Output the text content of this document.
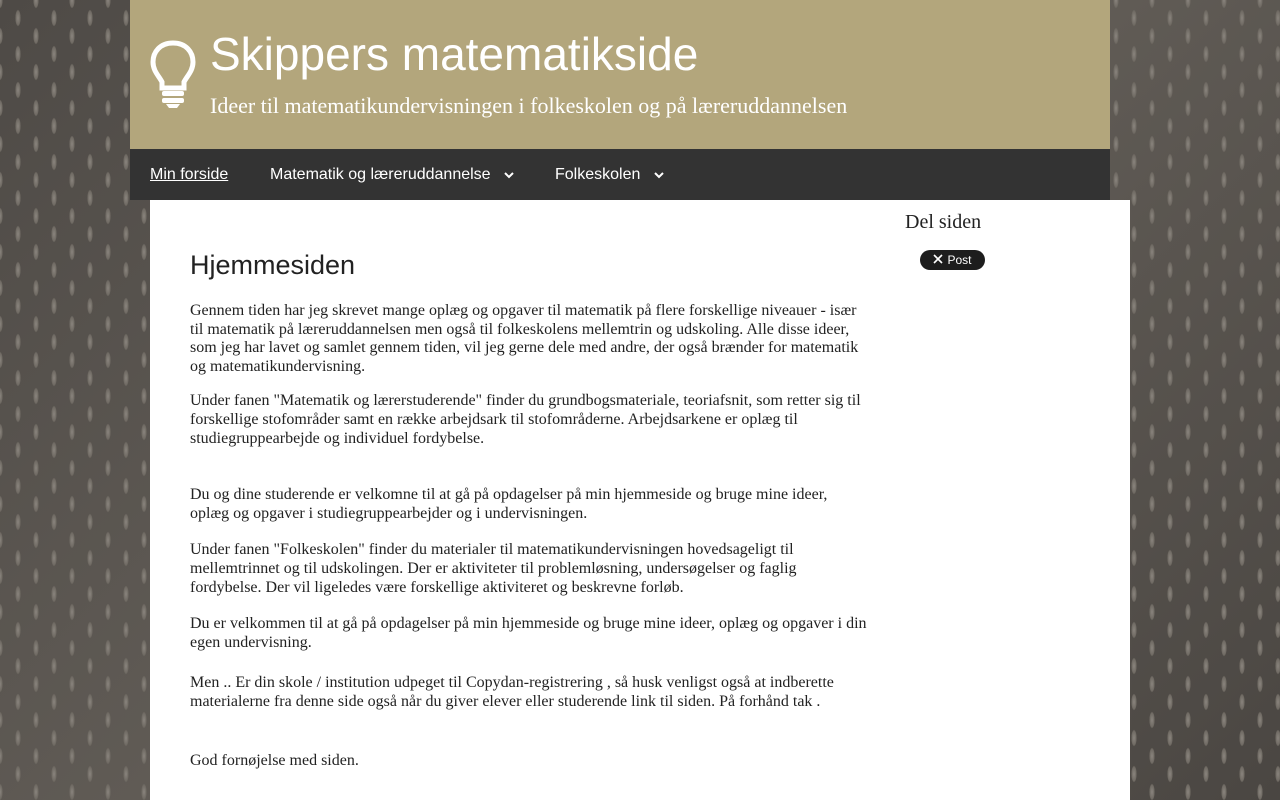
Skippers matematikside
Ideer til matematikundervisningen i folkeskolen og på læreruddannelsen
Min forside	Matematik og læreruddannelse	Folkeskolen
Hjemmesiden

Gennem tiden har jeg skrevet mange oplæg og opgaver til matematik på flere forskellige niveauer - især til matematik på læreruddannelsen men også til folkeskolens mellemtrin og udskoling. Alle disse ideer, som jeg har lavet og samlet gennem tiden, vil jeg gerne dele med andre, der også brænder for matematik og matematikundervisning.

Under fanen "Matematik og lærerstuderende" finder du grundbogsmateriale, teoriafsnit, som retter sig til forskellige stofområder samt en række arbejdsark til stofområderne. Arbejdsarkene er oplæg til studiegruppearbejde og individuel fordybelse.

Du og dine studerende er velkomne til at gå på opdagelser på min hjemmeside og bruge mine ideer, oplæg og opgaver i studiegruppearbejder og i undervisningen.

Under fanen "Folkeskolen" finder du materialer til matematikundervisningen hovedsageligt til mellemtrinnet og til udskolingen. Der er aktiviteter til problemløsning, undersøgelser og faglig fordybelse. Der vil ligeledes være forskellige aktiviteret og beskrevne forløb.

Du er velkommen til at gå på opdagelser på min hjemmeside og bruge mine ideer, oplæg og opgaver i din egen undervisning.

Men .. Er din skole / institution udpeget til Copydan-registrering , så husk venligst også at indberette materialerne fra denne side også når du giver elever eller studerende link til siden. På forhånd tak .

God fornøjelse med siden.

Del siden
Post
